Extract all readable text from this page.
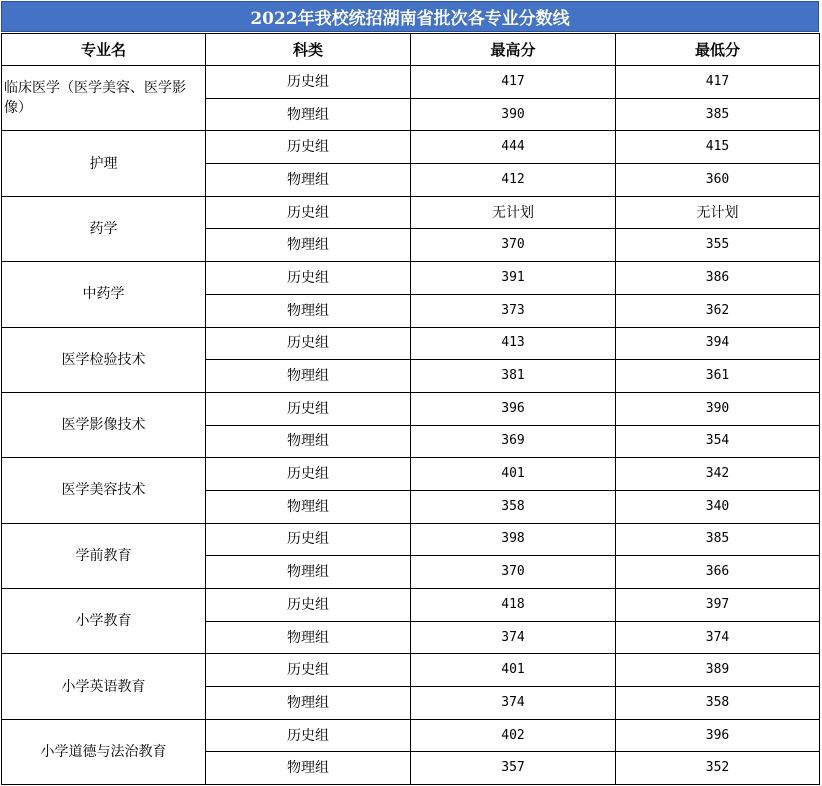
2022年我校统招湖南省批次各专业分数线
专业名	科类	最高分	最低分
临床医学（医学美容、医学影像）	历史组	417	417
	物理组	390	385
护理	历史组	444	415
	物理组	412	360
药学	历史组	无计划	无计划
	物理组	370	355
中药学	历史组	391	386
	物理组	373	362
医学检验技术	历史组	413	394
	物理组	381	361
医学影像技术	历史组	396	390
	物理组	369	354
医学美容技术	历史组	401	342
	物理组	358	340
学前教育	历史组	398	385
	物理组	370	366
小学教育	历史组	418	397
	物理组	374	374
小学英语教育	历史组	401	389
	物理组	374	358
小学道德与法治教育	历史组	402	396
	物理组	357	352
